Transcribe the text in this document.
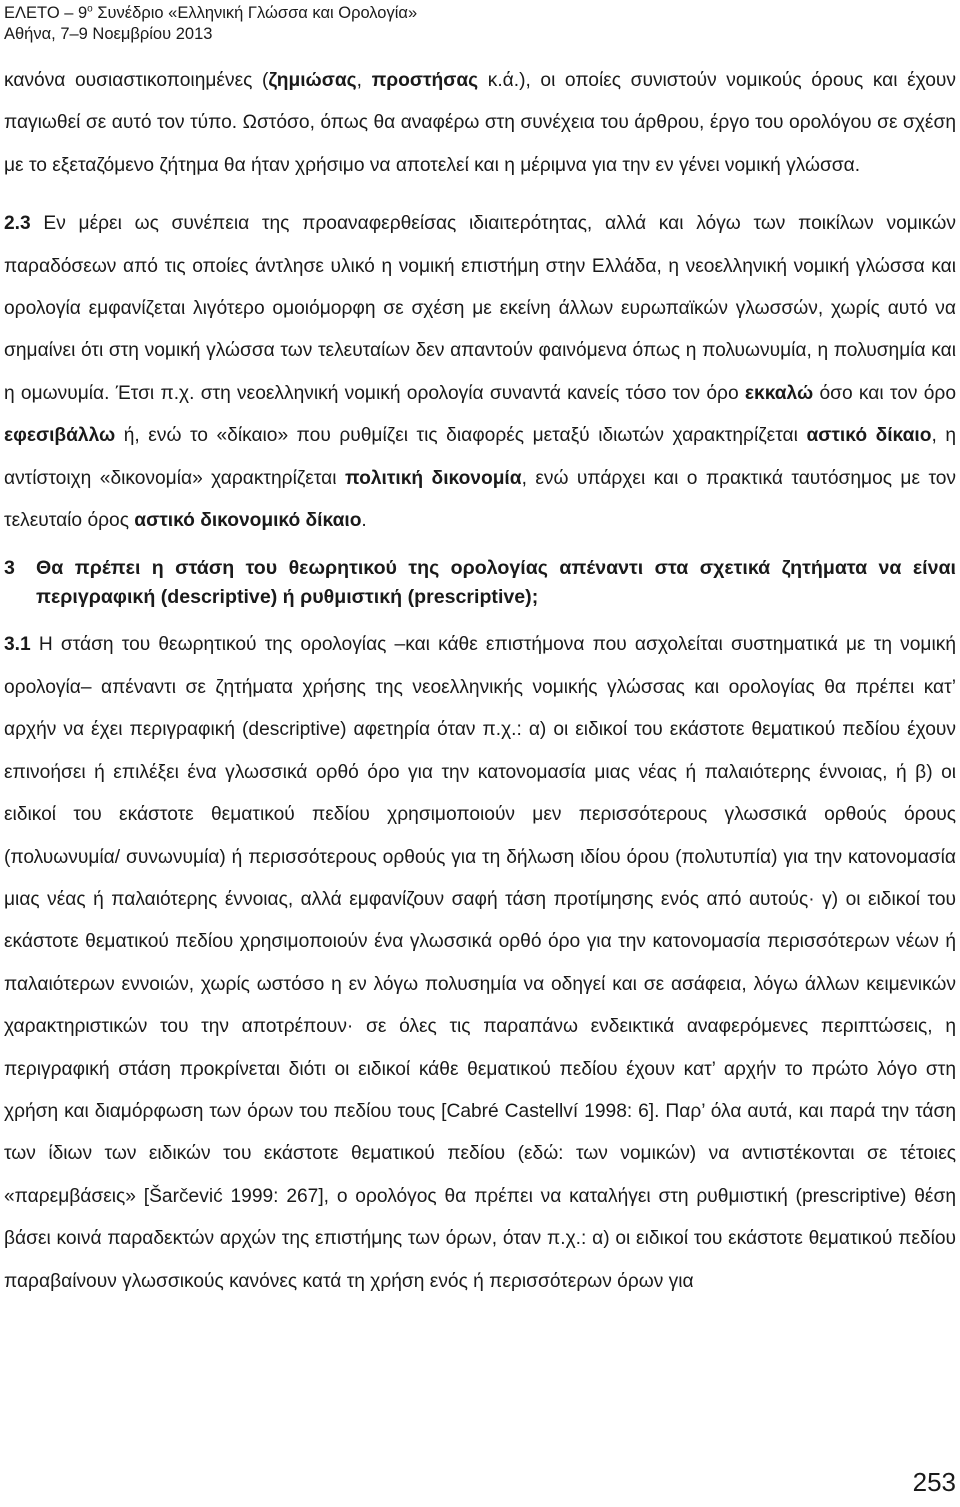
ΕΛΕΤΟ – $9^o$ Συνέδριο «Ελληνική Γλώσσα και Ορολογία»
Αθήνα, 7–9 Νοεμβρίου 2013

κανόνα ουσιαστικοποιημένες (ζημιώσας, προστήσας κ.ά.), οι οποίες συνιστούν νομικούς όρους και έχουν παγιωθεί σε αυτό τον τύπο. Ωστόσο, όπως θα αναφέρω στη συνέχεια του άρθρου, έργο του ορολόγου σε σχέση με το εξεταζόμενο ζήτημα θα ήταν χρήσιμο να αποτελεί και η μέριμνα για την εν γένει νομική γλώσσα.

2.3 Εν μέρει ως συνέπεια της προαναφερθείσας ιδιαιτερότητας, αλλά και λόγω των ποικίλων νομικών παραδόσεων από τις οποίες άντλησε υλικό η νομική επιστήμη στην Ελλάδα, η νεοελληνική νομική γλώσσα και ορολογία εμφανίζεται λιγότερο ομοιόμορφη σε σχέση με εκείνη άλλων ευρωπαϊκών γλωσσών, χωρίς αυτό να σημαίνει ότι στη νομική γλώσσα των τελευταίων δεν απαντούν φαινόμενα όπως η πολυωνυμία, η πολυσημία και η ομωνυμία. Έτσι π.χ. στη νεοελληνική νομική ορολογία συναντά κανείς τόσο τον όρο εκκαλώ όσο και τον όρο εφεσιβάλλω ή, ενώ το «δίκαιο» που ρυθμίζει τις διαφορές μεταξύ ιδιωτών χαρακτηρίζεται αστικό δίκαιο, η αντίστοιχη «δικονομία» χαρακτηρίζεται πολιτική δικονομία, ενώ υπάρχει και ο πρακτικά ταυτόσημος με τον τελευταίο όρος αστικό δικονομικό δίκαιο.

3	Θα πρέπει η στάση του θεωρητικού της ορολογίας απέναντι στα σχετικά ζητήματα να είναι περιγραφική (descriptive) ή ρυθμιστική (prescriptive);

3.1 Η στάση του θεωρητικού της ορολογίας –και κάθε επιστήμονα που ασχολείται συστηματικά με τη νομική ορολογία– απέναντι σε ζητήματα χρήσης της νεοελληνικής νομικής γλώσσας και ορολογίας θα πρέπει κατ’ αρχήν να έχει περιγραφική (descriptive) αφετηρία όταν π.χ.: α) οι ειδικοί του εκάστοτε θεματικού πεδίου έχουν επινοήσει ή επιλέξει ένα γλωσσικά ορθό όρο για την κατονομασία μιας νέας ή παλαιότερης έννοιας, ή β) οι ειδικοί του εκάστοτε θεματικού πεδίου χρησιμοποιούν μεν περισσότερους γλωσσικά ορθούς όρους (πολυωνυμία/ συνωνυμία) ή περισσότερους ορθούς για τη δήλωση ιδίου όρου (πολυτυπία) για την κατονομασία μιας νέας ή παλαιότερης έννοιας, αλλά εμφανίζουν σαφή τάση προτίμησης ενός από αυτούς· γ) οι ειδικοί του εκάστοτε θεματικού πεδίου χρησιμοποιούν ένα γλωσσικά ορθό όρο για την κατονομασία περισσότερων νέων ή παλαιότερων εννοιών, χωρίς ωστόσο η εν λόγω πολυσημία να οδηγεί και σε ασάφεια, λόγω άλλων κειμενικών χαρακτηριστικών του την αποτρέπουν· σε όλες τις παραπάνω ενδεικτικά αναφερόμενες περιπτώσεις, η περιγραφική στάση προκρίνεται διότι οι ειδικοί κάθε θεματικού πεδίου έχουν κατ’ αρχήν το πρώτο λόγο στη χρήση και διαμόρφωση των όρων του πεδίου τους [Cabré Castellví 1998: 6]. Παρ’ όλα αυτά, και παρά την τάση των ίδιων των ειδικών του εκάστοτε θεματικού πεδίου (εδώ: των νομικών) να αντιστέκονται σε τέτοιες «παρεμβάσεις» [Šarčević 1999: 267], ο ορολόγος θα πρέπει να καταλήγει στη ρυθμιστική (prescriptive) θέση βάσει κοινά παραδεκτών αρχών της επιστήμης των όρων, όταν π.χ.: α) οι ειδικοί του εκάστοτε θεματικού πεδίου παραβαίνουν γλωσσικούς κανόνες κατά τη χρήση ενός ή περισσότερων όρων για

253
